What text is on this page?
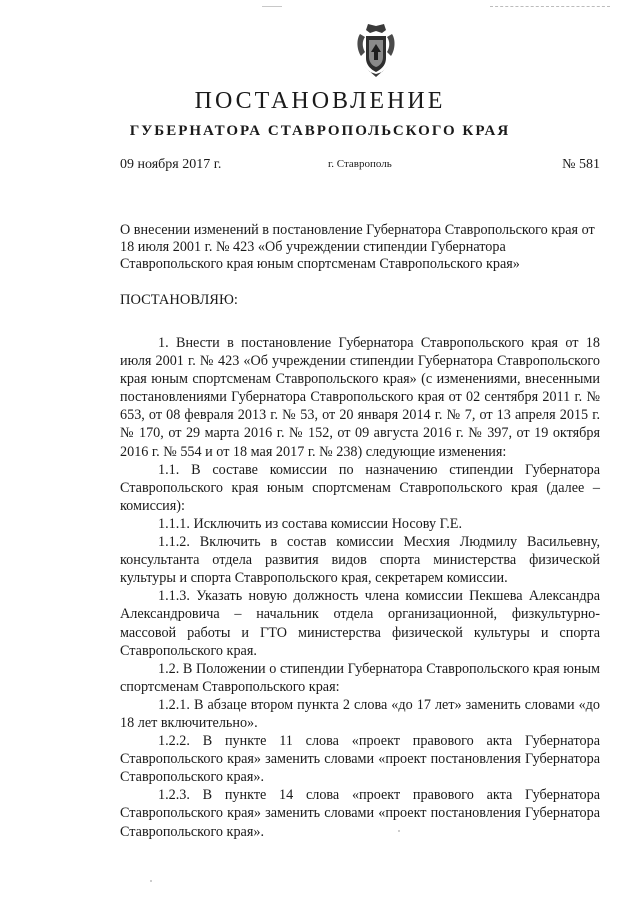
ПОСТАНОВЛЕНИЕ
ГУБЕРНАТОРА СТАВРОПОЛЬСКОГО КРАЯ
09 ноября 2017 г.	г. Ставрополь	№ 581

О внесении изменений в постановление Губернатора Ставропольского края от 18 июля 2001 г. № 423 «Об учреждении стипендии Губернатора Ставропольского края юным спортсменам Ставропольского края»

ПОСТАНОВЛЯЮ:

1. Внести в постановление Губернатора Ставропольского края от 18 июля 2001 г. № 423 «Об учреждении стипендии Губернатора Ставропольского края юным спортсменам Ставропольского края» (с изменениями, внесенными постановлениями Губернатора Ставропольского края от 02 сентября 2011 г. № 653, от 08 февраля 2013 г. № 53, от 20 января 2014 г. № 7, от 13 апреля 2015 г. № 170, от 29 марта 2016 г. № 152, от 09 августа 2016 г. № 397, от 19 октября 2016 г. № 554 и от 18 мая 2017 г. № 238) следующие изменения:

1.1. В составе комиссии по назначению стипендии Губернатора Ставропольского края юным спортсменам Ставропольского края (далее – комиссия):

1.1.1. Исключить из состава комиссии Носову Г.Е.

1.1.2. Включить в состав комиссии Месхия Людмилу Васильевну, консультанта отдела развития видов спорта министерства физической культуры и спорта Ставропольского края, секретарем комиссии.

1.1.3. Указать новую должность члена комиссии Пекшева Александра Александровича – начальник отдела организационной, физкультурно-массовой работы и ГТО министерства физической культуры и спорта Ставропольского края.

1.2. В Положении о стипендии Губернатора Ставропольского края юным спортсменам Ставропольского края:

1.2.1. В абзаце втором пункта 2 слова «до 17 лет» заменить словами «до 18 лет включительно».

1.2.2. В пункте 11 слова «проект правового акта Губернатора Ставропольского края» заменить словами «проект постановления Губернатора Ставропольского края».

1.2.3. В пункте 14 слова «проект правового акта Губернатора Ставропольского края» заменить словами «проект постановления Губернатора Ставропольского края».
